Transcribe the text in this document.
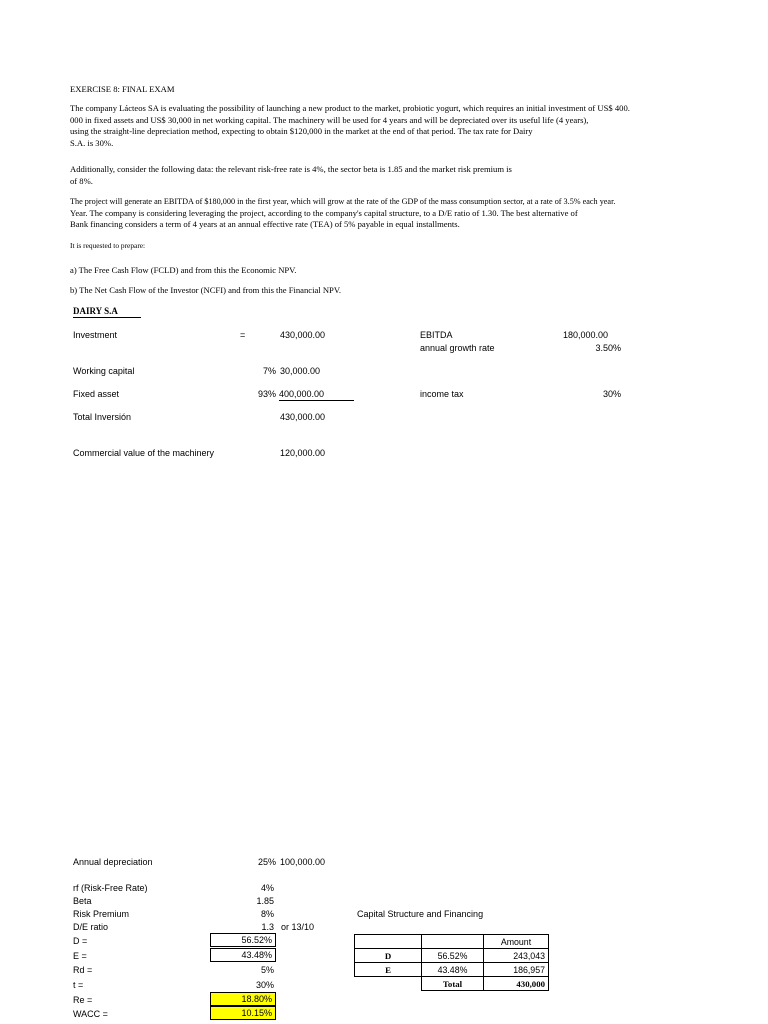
EXERCISE 8: FINAL EXAM
The company Lácteos SA is evaluating the possibility of launching a new product to the market, probiotic yogurt, which requires an initial investment of US$ 400.
000 in fixed assets and US$ 30,000 in net working capital. The machinery will be used for 4 years and will be depreciated over its useful life (4 years),
using the straight-line depreciation method, expecting to obtain $120,000 in the market at the end of that period. The tax rate for Dairy
S.A. is 30%.
Additionally, consider the following data: the relevant risk-free rate is 4%, the sector beta is 1.85 and the market risk premium is
of 8%.
The project will generate an EBITDA of $180,000 in the first year, which will grow at the rate of the GDP of the mass consumption sector, at a rate of 3.5% each year.
Year. The company is considering leveraging the project, according to the company's capital structure, to a D/E ratio of 1.30. The best alternative of
Bank financing considers a term of 4 years at an annual effective rate (TEA) of 5% payable in equal installments.
It is requested to prepare:
a) The Free Cash Flow (FCLD) and from this the Economic NPV.
b) The Net Cash Flow of the Investor (NCFI) and from this the Financial NPV.
DAIRY S.A
Investment	=	430,000.00
Working capital	7% 30,000.00
Fixed asset	93% 400,000.00
Total Inversión	430,000.00
Commercial value of the machinery	120,000.00
EBITDA	180,000.00
annual growth rate	3.50%
income tax	30%
Annual depreciation	25% 100,000.00
rf (Risk-Free Rate)	4%
Beta	1.85
Risk Premium	8%
D/E ratio	1.3 or 13/10
D =	56.52%
E =	43.48%
Rd =	5%
t =	30%
Re =	18.80%
WACC =	10.15%
Capital Structure and Financing
		Amount
D	56.52%	243,043
E	43.48%	186,957
	Total	430,000
